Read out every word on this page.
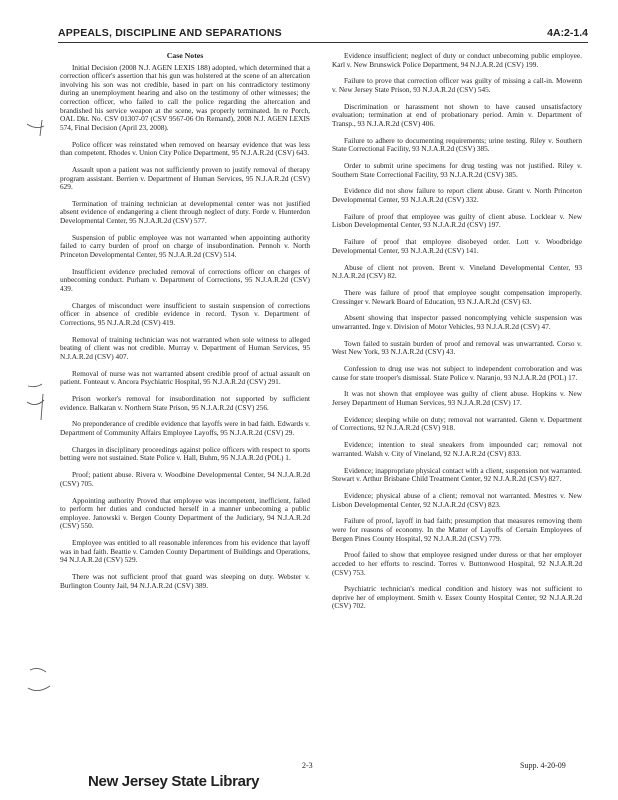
APPEALS, DISCIPLINE AND SEPARATIONS	4A:2-1.4
Case Notes

Initial Decision (2008 N.J. AGEN LEXIS 188) adopted, which determined that a correction officer's assertion that his gun was holstered at the scene of an altercation involving his son was not credible, based in part on his contradictory testimony during an unemployment hearing and also on the testimony of other witnesses; the correction officer, who failed to call the police regarding the altercation and brandished his service weapon at the scene, was properly terminated. In re Porch, OAL Dkt. No. CSV 01307-07 (CSV 9567-06 On Remand), 2008 N.J. AGEN LEXIS 574, Final Decision (April 23, 2008).

Police officer was reinstated when removed on hearsay evidence that was less than competent. Rhodes v. Union City Police Department, 95 N.J.A.R.2d (CSV) 643.

Assault upon a patient was not sufficiently proven to justify removal of therapy program assistant. Berrien v. Department of Human Services, 95 N.J.A.R.2d (CSV) 629.

Termination of training technician at developmental center was not justified absent evidence of endangering a client through neglect of duty. Forde v. Hunterdon Developmental Center, 95 N.J.A.R.2d (CSV) 577.

Suspension of public employee was not warranted when appointing authority failed to carry burden of proof on charge of insubordination. Pennoh v. North Princeton Developmental Center, 95 N.J.A.R.2d (CSV) 514.

Insufficient evidence precluded removal of corrections officer on charges of unbecoming conduct. Purham v. Department of Corrections, 95 N.J.A.R.2d (CSV) 439.

Charges of misconduct were insufficient to sustain suspension of corrections officer in absence of credible evidence in record. Tyson v. Department of Corrections, 95 N.J.A.R.2d (CSV) 419.

Removal of training technician was not warranted when sole witness to alleged beating of client was not credible. Murray v. Department of Human Services, 95 N.J.A.R.2d (CSV) 407.

Removal of nurse was not warranted absent credible proof of actual assault on patient. Fonteaut v. Ancora Psychiatric Hospital, 95 N.J.A.R.2d (CSV) 291.

Prison worker's removal for insubordination not supported by sufficient evidence. Balkaran v. Northern State Prison, 95 N.J.A.R.2d (CSV) 256.

No preponderance of credible evidence that layoffs were in bad faith. Edwards v. Department of Community Affairs Employee Layoffs, 95 N.J.A.R.2d (CSV) 29.

Charges in disciplinary proceedings against police officers with respect to sports betting were not sustained. State Police v. Hall, Buhm, 95 N.J.A.R.2d (POL) 1.

Proof; patient abuse. Rivera v. Woodbine Developmental Center, 94 N.J.A.R.2d (CSV) 705.

Appointing authority Proved that employee was incompetent, inefficient, failed to perform her duties and conducted herself in a manner unbecoming a public employee. Janowski v. Bergen County Department of the Judiciary, 94 N.J.A.R.2d (CSV) 550.

Employee was entitled to all reasonable inferences from his evidence that layoff was in bad faith. Beattie v. Camden County Department of Buildings and Operations, 94 N.J.A.R.2d (CSV) 529.

There was not sufficient proof that guard was sleeping on duty. Webster v. Burlington County Jail, 94 N.J.A.R.2d (CSV) 389.

Evidence insufficient; neglect of duty or conduct unbecoming public employee. Karl v. New Brunswick Police Department, 94 N.J.A.R.2d (CSV) 199.

Failure to prove that correction officer was guilty of missing a call-in. Mowenn v. New Jersey State Prison, 93 N.J.A.R.2d (CSV) 545.

Discrimination or harassment not shown to have caused unsatisfactory evaluation; termination at end of probationary period. Amin v. Department of Transp., 93 N.J.A.R.2d (CSV) 406.

Failure to adhere to documenting requirements; urine testing. Riley v. Southern State Correctional Facility, 93 N.J.A.R.2d (CSV) 385.

Order to submit urine specimens for drug testing was not justified. Riley v. Southern State Correctional Facility, 93 N.J.A.R.2d (CSV) 385.

Evidence did not show failure to report client abuse. Grant v. North Princeton Developmental Center, 93 N.J.A.R.2d (CSV) 332.

Failure of proof that employee was guilty of client abuse. Locklear v. New Lisbon Developmental Center, 93 N.J.A.R.2d (CSV) 197.

Failure of proof that employee disobeyed order. Lott v. Woodbridge Developmental Center, 93 N.J.A.R.2d (CSV) 141.

Abuse of client not proven. Brent v. Vineland Developmental Center, 93 N.J.A.R.2d (CSV) 82.

There was failure of proof that employee sought compensation improperly. Cressinger v. Newark Board of Education, 93 N.J.A.R.2d (CSV) 63.

Absent showing that inspector passed noncomplying vehicle suspension was unwarranted. Inge v. Division of Motor Vehicles, 93 N.J.A.R.2d (CSV) 47.

Town failed to sustain burden of proof and removal was unwarranted. Corso v. West New York, 93 N.J.A.R.2d (CSV) 43.

Confession to drug use was not subject to independent corroboration and was cause for state trooper's dismissal. State Police v. Naranjo, 93 N.J.A.R.2d (POL) 17.

It was not shown that employee was guilty of client abuse. Hopkins v. New Jersey Department of Human Services, 93 N.J.A.R.2d (CSV) 17.

Evidence; sleeping while on duty; removal not warranted. Glenn v. Department of Corrections, 92 N.J.A.R.2d (CSV) 918.

Evidence; intention to steal sneakers from impounded car; removal not warranted. Walsh v. City of Vineland, 92 N.J.A.R.2d (CSV) 833.

Evidence; inappropriate physical contact with a client, suspension not warranted. Stewart v. Arthur Brisbane Child Treatment Center, 92 N.J.A.R.2d (CSV) 827.

Evidence; physical abuse of a client; removal not warranted. Mestres v. New Lisbon Developmental Center, 92 N.J.A.R.2d (CSV) 823.

Failure of proof, layoff in bad faith; presumption that measures removing them were for reasons of economy. In the Matter of Layoffs of Certain Employees of Bergen Pines County Hospital, 92 N.J.A.R.2d (CSV) 779.

Proof failed to show that employee resigned under duress or that her employer acceded to her efforts to rescind. Torres v. Buttonwood Hospital, 92 N.J.A.R.2d (CSV) 753.

Psychiatric technician's medical condition and history was not sufficient to deprive her of employment. Smith v. Essex County Hospital Center, 92 N.J.A.R.2d (CSV) 702.

2-3	Supp. 4-20-09
New Jersey State Library
